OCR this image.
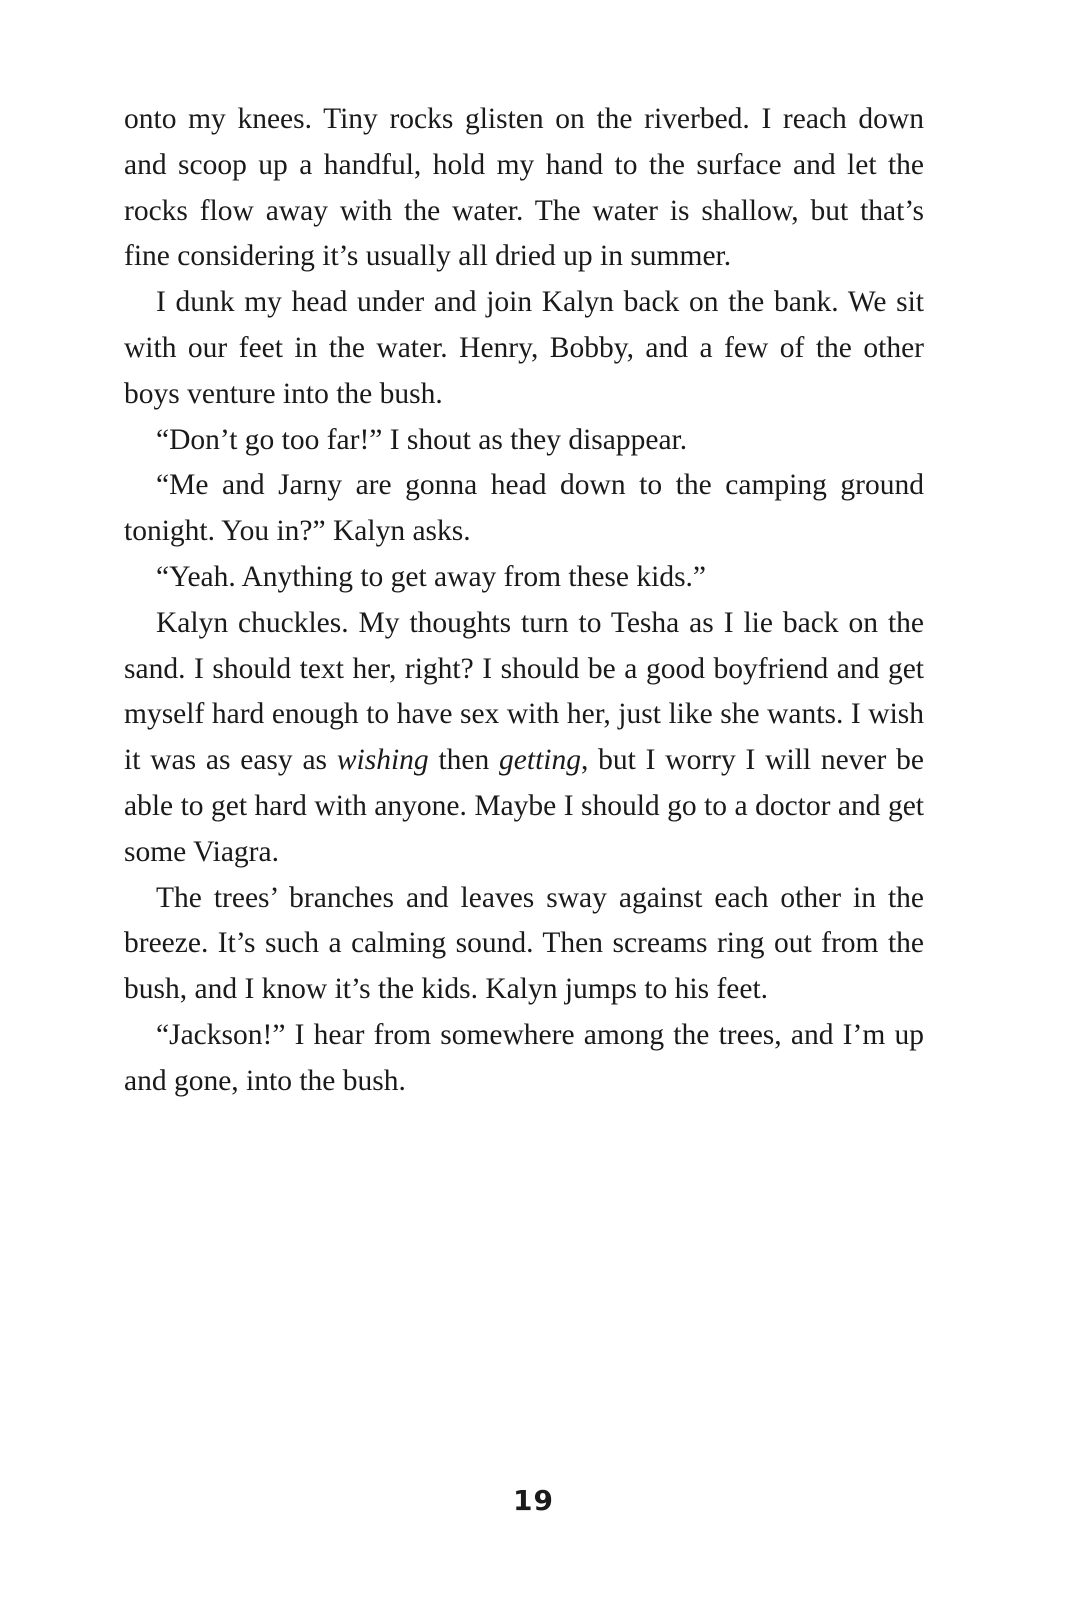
onto my knees. Tiny rocks glisten on the riverbed. I reach down and scoop up a handful, hold my hand to the surface and let the rocks flow away with the water. The water is shallow, but that’s fine considering it’s usually all dried up in summer.

I dunk my head under and join Kalyn back on the bank. We sit with our feet in the water. Henry, Bobby, and a few of the other boys venture into the bush.

“Don’t go too far!” I shout as they disappear.

“Me and Jarny are gonna head down to the camping ground tonight. You in?” Kalyn asks.

“Yeah. Anything to get away from these kids.”

Kalyn chuckles. My thoughts turn to Tesha as I lie back on the sand. I should text her, right? I should be a good boyfriend and get myself hard enough to have sex with her, just like she wants. I wish it was as easy as wishing then getting, but I worry I will never be able to get hard with anyone. Maybe I should go to a doctor and get some Viagra.

The trees’ branches and leaves sway against each other in the breeze. It’s such a calming sound. Then screams ring out from the bush, and I know it’s the kids. Kalyn jumps to his feet.

“Jackson!” I hear from somewhere among the trees, and I’m up and gone, into the bush.

19
